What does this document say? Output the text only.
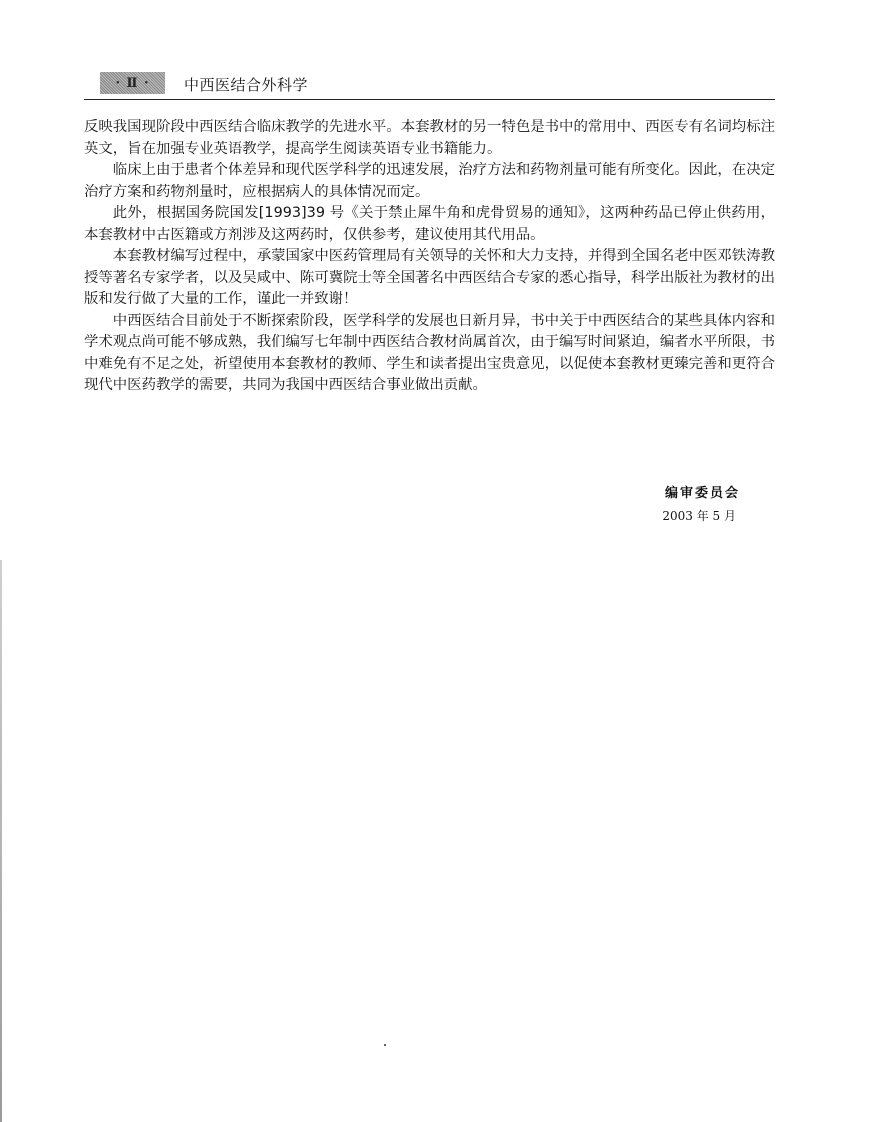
· Ⅱ ·	中西医结合外科学

反映我国现阶段中西医结合临床教学的先进水平。本套教材的另一特色是书中的常用中、西医专有名词均标注英文，旨在加强专业英语教学，提高学生阅读英语专业书籍能力。

临床上由于患者个体差异和现代医学科学的迅速发展，治疗方法和药物剂量可能有所变化。因此，在决定治疗方案和药物剂量时，应根据病人的具体情况而定。

此外，根据国务院国发[1993]39 号《关于禁止犀牛角和虎骨贸易的通知》，这两种药品已停止供药用，本套教材中古医籍或方剂涉及这两药时，仅供参考，建议使用其代用品。

本套教材编写过程中，承蒙国家中医药管理局有关领导的关怀和大力支持，并得到全国名老中医邓铁涛教授等著名专家学者，以及吴咸中、陈可冀院士等全国著名中西医结合专家的悉心指导，科学出版社为教材的出版和发行做了大量的工作，谨此一并致谢！

中西医结合目前处于不断探索阶段，医学科学的发展也日新月异，书中关于中西医结合的某些具体内容和学术观点尚可能不够成熟，我们编写七年制中西医结合教材尚属首次，由于编写时间紧迫，编者水平所限，书中难免有不足之处，祈望使用本套教材的教师、学生和读者提出宝贵意见，以促使本套教材更臻完善和更符合现代中医药教学的需要，共同为我国中西医结合事业做出贡献。

编审委员会
2003 年 5 月
